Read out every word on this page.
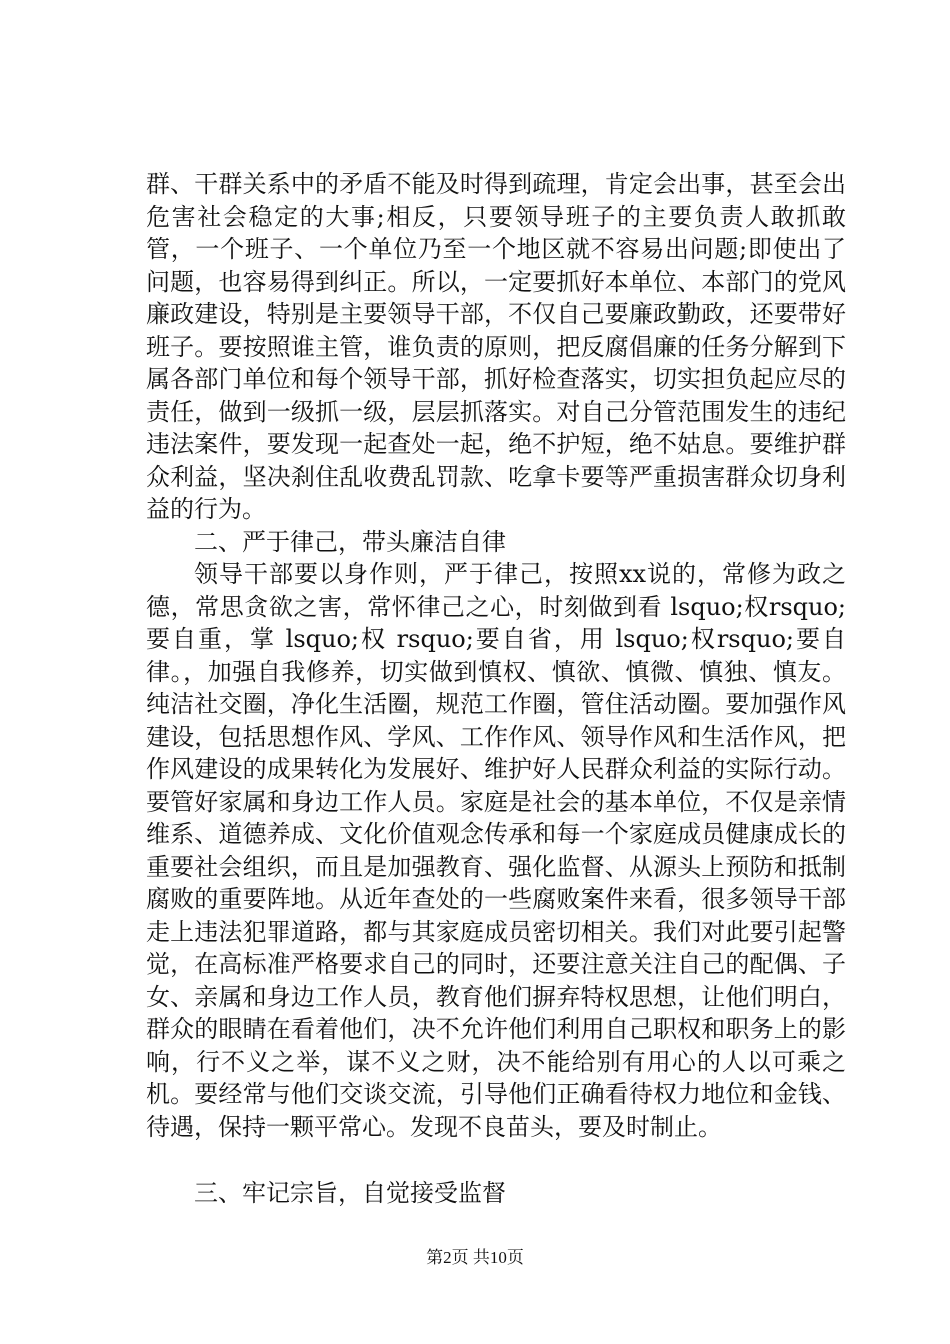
群、干群关系中的矛盾不能及时得到疏理，肯定会出事，甚至会出危害社会稳定的大事;相反，只要领导班子的主要负责人敢抓敢管，一个班子、一个单位乃至一个地区就不容易出问题;即使出了问题，也容易得到纠正。所以，一定要抓好本单位、本部门的党风廉政建设，特别是主要领导干部，不仅自己要廉政勤政，还要带好班子。要按照谁主管，谁负责的原则，把反腐倡廉的任务分解到下属各部门单位和每个领导干部，抓好检查落实，切实担负起应尽的责任，做到一级抓一级，层层抓落实。对自己分管范围发生的违纪违法案件，要发现一起查处一起，绝不护短，绝不姑息。要维护群众利益，坚决刹住乱收费乱罚款、吃拿卡要等严重损害群众切身利益的行为。

二、严于律己，带头廉洁自律

领导干部要以身作则，严于律己，按照xx说的，常修为政之德，常思贪欲之害，常怀律己之心，时刻做到看 lsquo;权rsquo;要自重，掌 lsquo;权 rsquo;要自省，用 lsquo;权rsquo;要自律。，加强自我修养，切实做到慎权、慎欲、慎微、慎独、慎友。纯洁社交圈，净化生活圈，规范工作圈，管住活动圈。要加强作风建设，包括思想作风、学风、工作作风、领导作风和生活作风，把作风建设的成果转化为发展好、维护好人民群众利益的实际行动。要管好家属和身边工作人员。家庭是社会的基本单位，不仅是亲情维系、道德养成、文化价值观念传承和每一个家庭成员健康成长的重要社会组织，而且是加强教育、强化监督、从源头上预防和抵制腐败的重要阵地。从近年查处的一些腐败案件来看，很多领导干部走上违法犯罪道路，都与其家庭成员密切相关。我们对此要引起警觉，在高标准严格要求自己的同时，还要注意关注自己的配偶、子女、亲属和身边工作人员，教育他们摒弃特权思想，让他们明白，群众的眼睛在看着他们，决不允许他们利用自己职权和职务上的影响，行不义之举，谋不义之财，决不能给别有用心的人以可乘之机。要经常与他们交谈交流，引导他们正确看待权力地位和金钱、待遇，保持一颗平常心。发现不良苗头，要及时制止。

三、牢记宗旨，自觉接受监督

第2页 共10页
